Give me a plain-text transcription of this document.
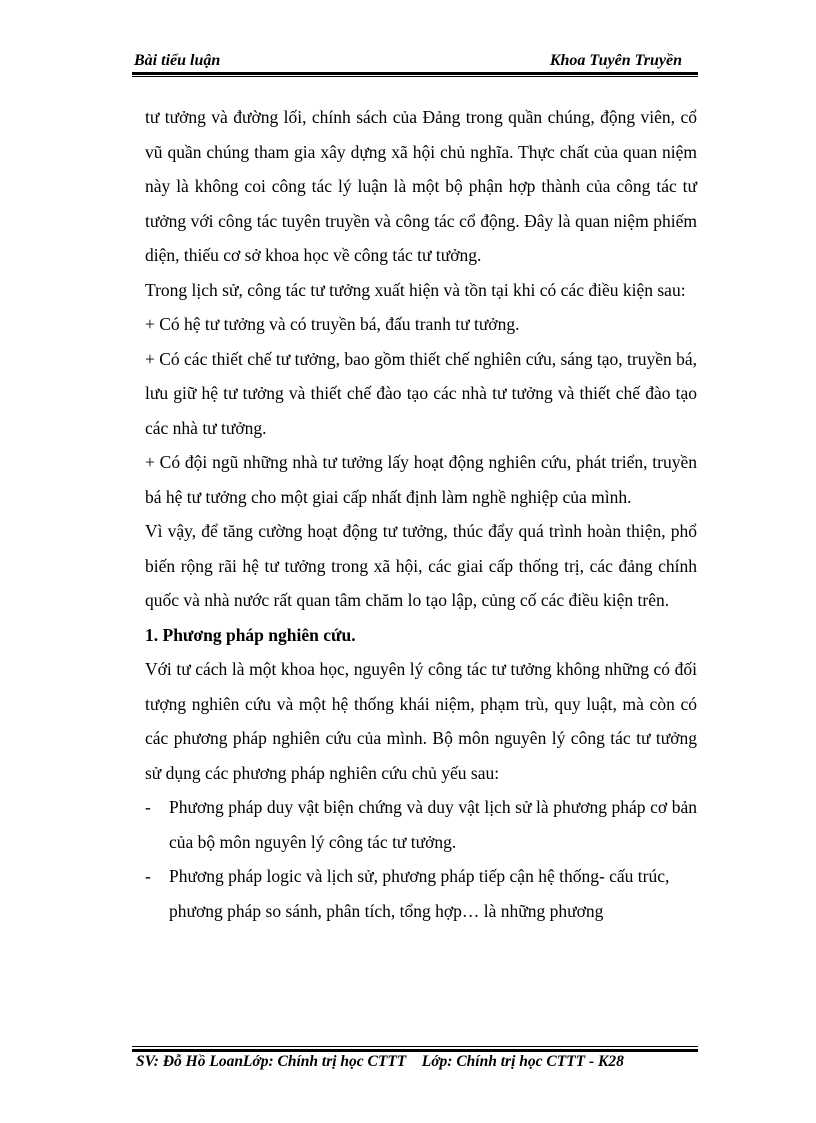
Bài tiểu luận	Khoa Tuyên Truyền

tư tưởng và đường lối, chính sách của Đảng trong quần chúng, động viên, cổ vũ quần chúng tham gia xây dựng xã hội chủ nghĩa. Thực chất của quan niệm này là không coi công tác lý luận là một bộ phận hợp thành của công tác tư tưởng với công tác tuyên truyền và công tác cổ động. Đây là quan niệm phiếm diện, thiếu cơ sở khoa học về công tác tư tưởng.

Trong lịch sử, công tác tư tưởng xuất hiện và tồn tại khi có các điều kiện sau:

+ Có hệ tư tưởng và có truyền bá, đấu tranh tư tưởng.

+ Có các thiết chế tư tưởng, bao gồm thiết chế nghiên cứu, sáng tạo, truyền bá, lưu giữ hệ tư tưởng và thiết chế đào tạo các nhà tư tưởng và thiết chế đào tạo các nhà tư tưởng.

+ Có đội ngũ những nhà tư tưởng lấy hoạt động nghiên cứu, phát triển, truyền bá hệ tư tưởng cho một giai cấp nhất định làm nghề nghiệp của mình.

Vì vậy, để tăng cường hoạt động tư tưởng, thúc đẩy quá trình hoàn thiện, phổ biến rộng rãi hệ tư tưởng trong xã hội, các giai cấp thống trị, các đảng chính quốc và nhà nước rất quan tâm chăm lo tạo lập, củng cố các điều kiện trên.

1. Phương pháp nghiên cứu.

Với tư cách là một khoa học, nguyên lý công tác tư tưởng không những có đối tượng nghiên cứu và một hệ thống khái niệm, phạm trù, quy luật, mà còn có các phương pháp nghiên cứu của mình. Bộ môn nguyên lý công tác tư tưởng sử dụng các phương pháp nghiên cứu chủ yếu sau:

- Phương pháp duy vật biện chứng và duy vật lịch sử là phương pháp cơ bản của bộ môn nguyên lý công tác tư tưởng.

- Phương pháp logic và lịch sử, phương pháp tiếp cận hệ thống- cấu trúc, phương pháp so sánh, phân tích, tổng hợp… là những phương

SV: Đỗ Hồ LoanLớp: Chính trị học CTTT    Lớp: Chính trị học CTTT - K28
